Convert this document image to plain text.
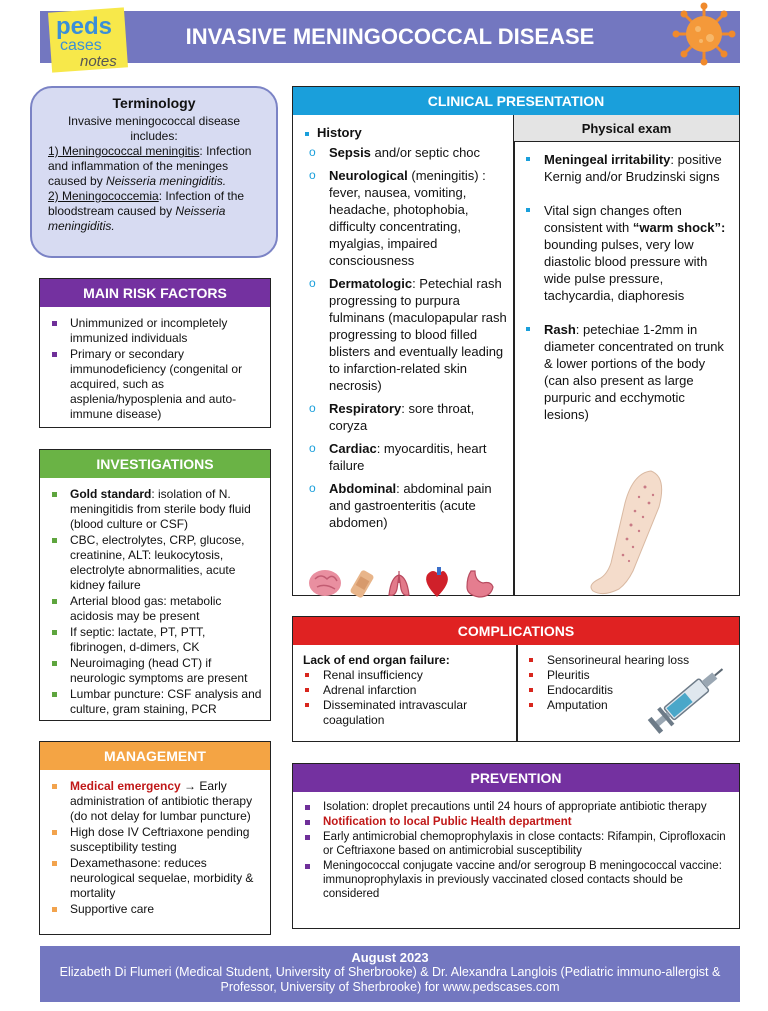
peds
cases
notes
INVASIVE MENINGOCOCCAL DISEASE
Terminology
Invasive meningococcal disease includes:
1) Meningococcal meningitis: Infection and inflammation of the meninges caused by Neisseria meningiditis.
2) Meningococcemia: Infection of the bloodstream caused by Neisseria meningiditis.
MAIN RISK FACTORS
Unimmunized or incompletely immunized individuals
Primary or secondary immunodeficiency (congenital or acquired, such as asplenia/hyposplenia and auto-immune disease)
INVESTIGATIONS
Gold standard: isolation of N. meningitidis from sterile body fluid (blood culture or CSF)
CBC, electrolytes, CRP, glucose, creatinine, ALT: leukocytosis, electrolyte abnormalities, acute kidney failure
Arterial blood gas: metabolic acidosis may be present
If septic: lactate, PT, PTT, fibrinogen, d-dimers, CK
Neuroimaging (head CT) if neurologic symptoms are present
Lumbar puncture: CSF analysis and culture, gram staining, PCR
MANAGEMENT
Medical emergency → Early administration of antibiotic therapy (do not delay for lumbar puncture)
High dose IV Ceftriaxone pending susceptibility testing
Dexamethasone: reduces neurological sequelae, morbidity & mortality
Supportive care
CLINICAL PRESENTATION
History
o Sepsis and/or septic choc
o Neurological (meningitis) : fever, nausea, vomiting, headache, photophobia, difficulty concentrating, myalgias, impaired consciousness
o Dermatologic: Petechial rash progressing to purpura fulminans (maculopapular rash progressing to blood filled blisters and eventually leading to infarction-related skin necrosis)
o Respiratory: sore throat, coryza
o Cardiac: myocarditis, heart failure
o Abdominal: abdominal pain and gastroenteritis (acute abdomen)
Physical exam
Meningeal irritability: positive Kernig and/or Brudzinski signs
Vital sign changes often consistent with “warm shock”: bounding pulses, very low diastolic blood pressure with wide pulse pressure, tachycardia, diaphoresis
Rash: petechiae 1-2mm in diameter concentrated on trunk & lower portions of the body (can also present as large purpuric and ecchymotic lesions)
COMPLICATIONS
Lack of end organ failure:
Renal insufficiency
Adrenal infarction
Disseminated intravascular coagulation
Sensorineural hearing loss
Pleuritis
Endocarditis
Amputation
PREVENTION
Isolation: droplet precautions until 24 hours of appropriate antibiotic therapy
Notification to local Public Health department
Early antimicrobial chemoprophylaxis in close contacts: Rifampin, Ciprofloxacin or Ceftriaxone based on antimicrobial susceptibility
Meningococcal conjugate vaccine and/or serogroup B meningococcal vaccine: immunoprophylaxis in previously vaccinated closed contacts should be considered
August 2023
Elizabeth Di Flumeri (Medical Student, University of Sherbrooke) & Dr. Alexandra Langlois (Pediatric immuno-allergist & Professor, University of Sherbrooke) for www.pedscases.com
